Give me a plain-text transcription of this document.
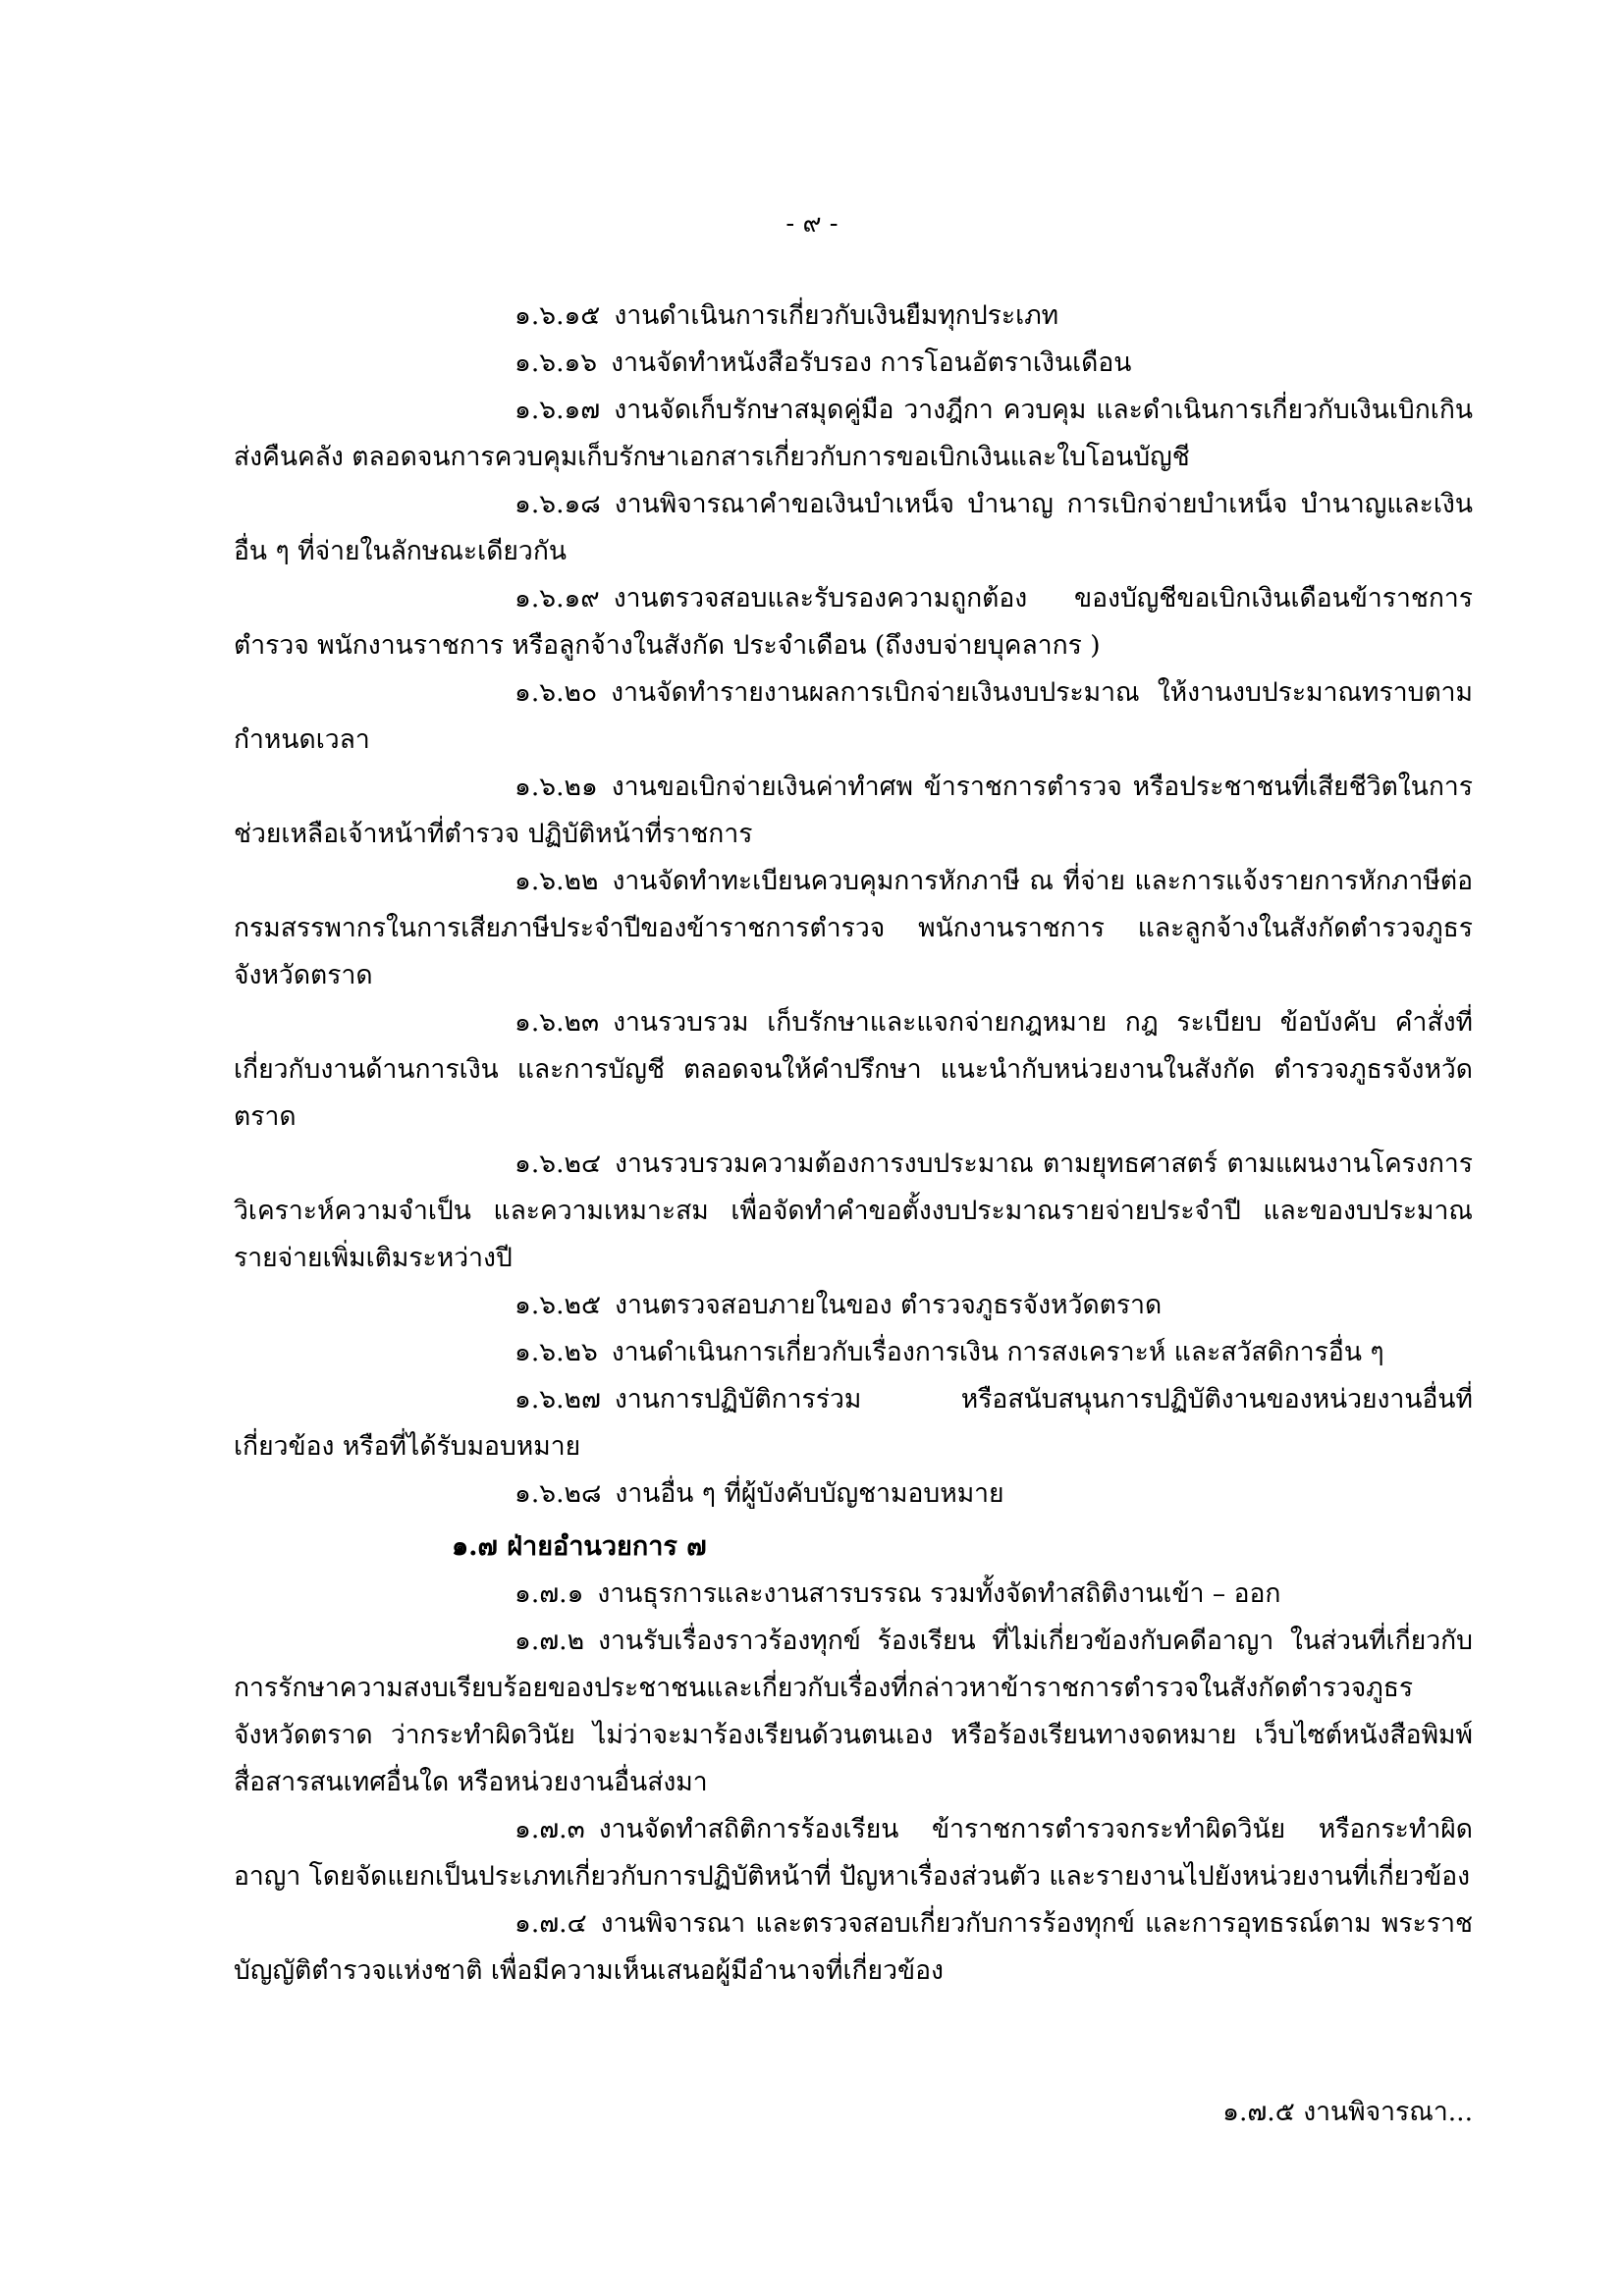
- ๙ -

๑.๖.๑๕ งานดำเนินการเกี่ยวกับเงินยืมทุกประเภท

๑.๖.๑๖ งานจัดทำหนังสือรับรอง การโอนอัตราเงินเดือน

๑.๖.๑๗ งานจัดเก็บรักษาสมุดคู่มือ วางฎีกา ควบคุม และดำเนินการเกี่ยวกับเงินเบิกเกินส่งคืนคลัง ตลอดจนการควบคุมเก็บรักษาเอกสารเกี่ยวกับการขอเบิกเงินและใบโอนบัญชี

๑.๖.๑๘ งานพิจารณาคำขอเงินบำเหน็จ บำนาญ การเบิกจ่ายบำเหน็จ บำนาญและเงินอื่น ๆ ที่จ่ายในลักษณะเดียวกัน

๑.๖.๑๙ งานตรวจสอบและรับรองความถูกต้อง ของบัญชีขอเบิกเงินเดือนข้าราชการตำรวจ พนักงานราชการ หรือลูกจ้างในสังกัด ประจำเดือน (ถึงงบจ่ายบุคลากร )

๑.๖.๒๐ งานจัดทำรายงานผลการเบิกจ่ายเงินงบประมาณ ให้งานงบประมาณทราบตามกำหนดเวลา

๑.๖.๒๑ งานขอเบิกจ่ายเงินค่าทำศพ ข้าราชการตำรวจ หรือประชาชนที่เสียชีวิตในการช่วยเหลือเจ้าหน้าที่ตำรวจ ปฏิบัติหน้าที่ราชการ

๑.๖.๒๒ งานจัดทำทะเบียนควบคุมการหักภาษี ณ ที่จ่าย และการแจ้งรายการหักภาษีต่อกรมสรรพากรในการเสียภาษีประจำปีของข้าราชการตำรวจ พนักงานราชการ และลูกจ้างในสังกัดตำรวจภูธรจังหวัดตราด

๑.๖.๒๓ งานรวบรวม เก็บรักษาและแจกจ่ายกฎหมาย กฎ ระเบียบ ข้อบังคับ คำสั่งที่เกี่ยวกับงานด้านการเงิน และการบัญชี ตลอดจนให้คำปรึกษา แนะนำกับหน่วยงานในสังกัด ตำรวจภูธรจังหวัดตราด

๑.๖.๒๔ งานรวบรวมความต้องการงบประมาณ ตามยุทธศาสตร์ ตามแผนงานโครงการวิเคราะห์ความจำเป็น และความเหมาะสม เพื่อจัดทำคำขอตั้งงบประมาณรายจ่ายประจำปี และของบประมาณรายจ่ายเพิ่มเติมระหว่างปี

๑.๖.๒๕ งานตรวจสอบภายในของ ตำรวจภูธรจังหวัดตราด

๑.๖.๒๖ งานดำเนินการเกี่ยวกับเรื่องการเงิน การสงเคราะห์ และสวัสดิการอื่น ๆ

๑.๖.๒๗ งานการปฏิบัติการร่วม หรือสนับสนุนการปฏิบัติงานของหน่วยงานอื่นที่เกี่ยวข้อง หรือที่ได้รับมอบหมาย

๑.๖.๒๘ งานอื่น ๆ ที่ผู้บังคับบัญชามอบหมาย

๑.๗ ฝ่ายอำนวยการ ๗

๑.๗.๑ งานธุรการและงานสารบรรณ รวมทั้งจัดทำสถิติงานเข้า – ออก

๑.๗.๒ งานรับเรื่องราวร้องทุกข์ ร้องเรียน ที่ไม่เกี่ยวข้องกับคดีอาญา ในส่วนที่เกี่ยวกับการรักษาความสงบเรียบร้อยของประชาชนและเกี่ยวกับเรื่องที่กล่าวหาข้าราชการตำรวจในสังกัดตำรวจภูธรจังหวัดตราด ว่ากระทำผิดวินัย ไม่ว่าจะมาร้องเรียนด้วนตนเอง หรือร้องเรียนทางจดหมาย เว็บไซต์หนังสือพิมพ์ สื่อสารสนเทศอื่นใด หรือหน่วยงานอื่นส่งมา

๑.๗.๓ งานจัดทำสถิติการร้องเรียน ข้าราชการตำรวจกระทำผิดวินัย หรือกระทำผิดอาญา โดยจัดแยกเป็นประเภทเกี่ยวกับการปฏิบัติหน้าที่ ปัญหาเรื่องส่วนตัว และรายงานไปยังหน่วยงานที่เกี่ยวข้อง

๑.๗.๔ งานพิจารณา และตรวจสอบเกี่ยวกับการร้องทุกข์ และการอุทธรณ์ตาม พระราชบัญญัติตำรวจแห่งชาติ เพื่อมีความเห็นเสนอผู้มีอำนาจที่เกี่ยวข้อง

๑.๗.๕ งานพิจารณา...
